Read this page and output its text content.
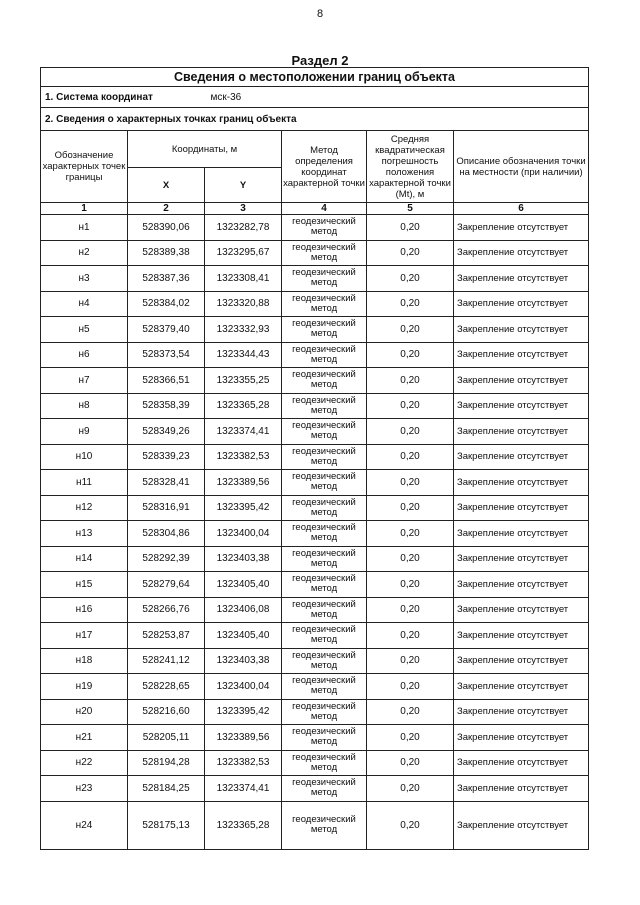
8
Раздел 2
Сведения о местоположении границ объекта					
1. Система координат мск-36					
2. Сведения о характерных точках границ объекта					
Обозначение характерных точек границы	Координаты, м		Метод определения координат характерной точки	Средняя квадратическая погрешность положения характерной точки (Mt), м	Описание обозначения точки на местности (при наличии)
	X	Y			
1	2	3	4	5	6
н1	528390,06	1323282,78	геодезический метод	0,20	Закрепление отсутствует
н2	528389,38	1323295,67	геодезический метод	0,20	Закрепление отсутствует
н3	528387,36	1323308,41	геодезический метод	0,20	Закрепление отсутствует
н4	528384,02	1323320,88	геодезический метод	0,20	Закрепление отсутствует
н5	528379,40	1323332,93	геодезический метод	0,20	Закрепление отсутствует
н6	528373,54	1323344,43	геодезический метод	0,20	Закрепление отсутствует
н7	528366,51	1323355,25	геодезический метод	0,20	Закрепление отсутствует
н8	528358,39	1323365,28	геодезический метод	0,20	Закрепление отсутствует
н9	528349,26	1323374,41	геодезический метод	0,20	Закрепление отсутствует
н10	528339,23	1323382,53	геодезический метод	0,20	Закрепление отсутствует
н11	528328,41	1323389,56	геодезический метод	0,20	Закрепление отсутствует
н12	528316,91	1323395,42	геодезический метод	0,20	Закрепление отсутствует
н13	528304,86	1323400,04	геодезический метод	0,20	Закрепление отсутствует
н14	528292,39	1323403,38	геодезический метод	0,20	Закрепление отсутствует
н15	528279,64	1323405,40	геодезический метод	0,20	Закрепление отсутствует
н16	528266,76	1323406,08	геодезический метод	0,20	Закрепление отсутствует
н17	528253,87	1323405,40	геодезический метод	0,20	Закрепление отсутствует
н18	528241,12	1323403,38	геодезический метод	0,20	Закрепление отсутствует
н19	528228,65	1323400,04	геодезический метод	0,20	Закрепление отсутствует
н20	528216,60	1323395,42	геодезический метод	0,20	Закрепление отсутствует
н21	528205,11	1323389,56	геодезический метод	0,20	Закрепление отсутствует
н22	528194,28	1323382,53	геодезический метод	0,20	Закрепление отсутствует
н23	528184,25	1323374,41	геодезический метод	0,20	Закрепление отсутствует
н24	528175,13	1323365,28	геодезический метод	0,20	Закрепление отсутствует
